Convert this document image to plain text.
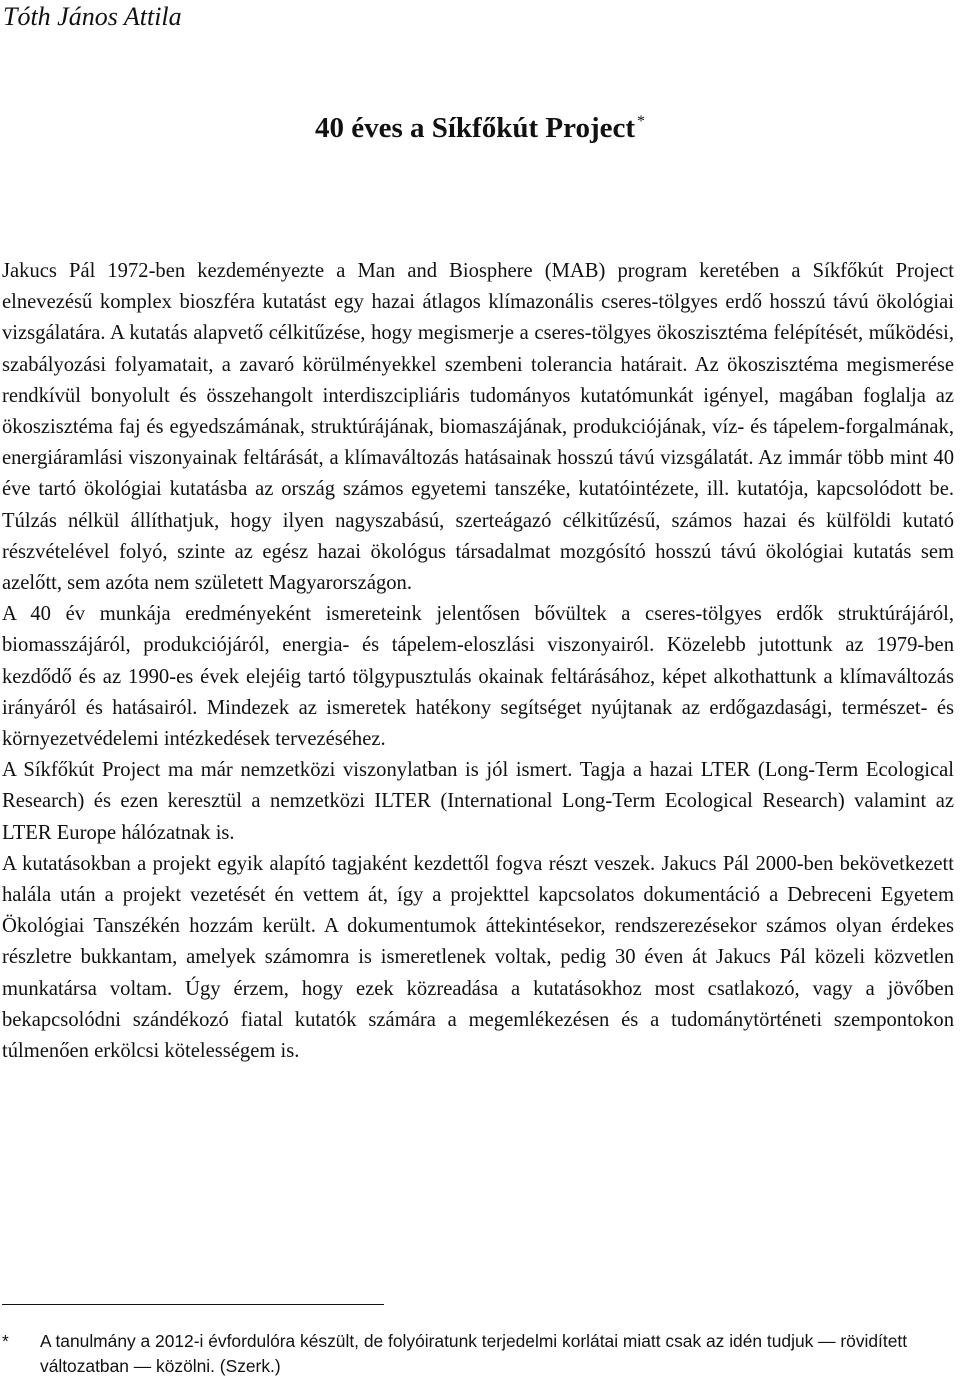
Tóth János Attila
40 éves a Síkfőkút Project *

Jakucs Pál 1972-ben kezdeményezte a Man and Biosphere (MAB) program keretében a Síkfőkút Project elnevezésű komplex bioszféra kutatást egy hazai átlagos klímazonális cseres-tölgyes erdő hosszú távú ökológiai vizsgálatára. A kutatás alapvető célkitűzése, hogy megismerje a cseres-tölgyes ökoszisztéma felépítését, működési, szabályozási folyamatait, a zavaró körülményekkel szembeni tolerancia határait. Az ökoszisztéma megismerése rendkívül bonyolult és összehangolt interdiszcipliáris tudományos kutatómunkát igényel, magában foglalja az ökoszisztéma faj és egyedszámának, struktúrájának, biomaszájának, produkciójának, víz- és tápelem-forgalmának, energiáramlási viszonyainak feltárását, a klímaváltozás hatásainak hosszú távú vizsgálatát. Az immár több mint 40 éve tartó ökológiai kutatásba az ország számos egyetemi tanszéke, kutatóintézete, ill. kutatója, kapcsolódott be. Túlzás nélkül állíthatjuk, hogy ilyen nagyszabású, szerteágazó célkitűzésű, számos hazai és külföldi kutató részvételével folyó, szinte az egész hazai ökológus társadalmat mozgósító hosszú távú ökológiai kutatás sem azelőtt, sem azóta nem született Magyarországon.

A 40 év munkája eredményeként ismereteink jelentősen bővültek a cseres-tölgyes erdők struktúrájáról, biomasszájáról, produkciójáról, energia- és tápelem-eloszlási viszonyairól. Közelebb jutottunk az 1979-ben kezdődő és az 1990-es évek elejéig tartó tölgypusztulás okainak feltárásához, képet alkothattunk a klímaváltozás irányáról és hatásairól. Mindezek az ismeretek hatékony segítséget nyújtanak az erdőgazdasági, természet- és környezetvédelemi intézkedések tervezéséhez.

A Síkfőkút Project ma már nemzetközi viszonylatban is jól ismert. Tagja a hazai LTER (Long-Term Ecological Research) és ezen keresztül a nemzetközi ILTER (International Long-Term Ecological Research) valamint az LTER Europe hálózatnak is.

A kutatásokban a projekt egyik alapító tagjaként kezdettől fogva részt veszek. Jakucs Pál 2000-ben bekövetkezett halála után a projekt vezetését én vettem át, így a projekttel kapcsolatos dokumentáció a Debreceni Egyetem Ökológiai Tanszékén hozzám került. A dokumentumok áttekintésekor, rendszerezésekor számos olyan érdekes részletre bukkantam, amelyek számomra is ismeretlenek voltak, pedig 30 éven át Jakucs Pál közeli közvetlen munkatársa voltam. Úgy érzem, hogy ezek közreadása a kutatásokhoz most csatlakozó, vagy a jövőben bekapcsolódni szándékozó fiatal kutatók számára a megemlékezésen és a tudománytörténeti szempontokon túlmenően erkölcsi kötelességem is.

*	A tanulmány a 2012-i évfordulóra készült, de folyóiratunk terjedelmi korlátai miatt csak az idén tudjuk — rövidített változatban — közölni. (Szerk.)
